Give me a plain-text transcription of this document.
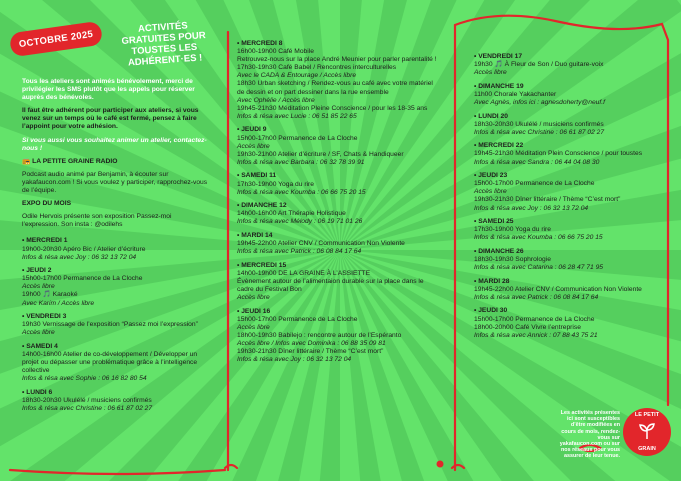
OCTOBRE 2025
ACTIVITÉS GRATUITES POUR TOUSTES LES ADHÉRENT·ES !
Tous les ateliers sont animés bénévolement, merci de privilégier les SMS plutôt que les appels pour réserver auprès des bénévoles.
Il faut être adhérent pour participer aux ateliers, si vous venez sur un temps où le café est fermé, pensez à faire l’appoint pour votre adhésion.
Si vous aussi vous souhaitez animer un atelier, contactez-nous !
📻 LA PETITE GRAINE RADIO
Podcast audio animé par Benjamin, à écouter sur yakafaucon.com ! Si vous voulez y participer, rapprochez-vous de l’équipe.
EXPO DU MOIS
Odile Hervois présente son exposition Passez-moi l’expression. Son insta : @odilehs
• MERCREDI 1
19h00-20h30 Apéro Bic / Atelier d’écriture
Infos & résa avec Joy : 06 32 13 72 04
• JEUDI 2
15h00-17h00 Permanence de La Cloche
Accès libre
19h00 🎵 Karaoké
Avec Karim / Accès libre
• VENDREDI 3
19h30 Vernissage de l’exposition “Passez moi l’expression”
Accès libre
• SAMEDI 4
14h00-16h00 Atelier de co-développement / Développer un projet ou dépasser une problématique grâce à l’intelligence collective
Infos & résa avec Sophie : 06 16 82 80 54
• LUNDI 6
18h30-20h30 Ukulélé / musiciens confirmés
Infos & résa avec Christine : 06 61 87 02 27
• MERCREDI 8
16h00-19h00 Café Mobile
Retrouvez-nous sur la place André Meunier pour parler parentalité !
17h30-19h30 Café Babel / Rencontres interculturelles
Avec le CADA & Entourage / Accès libre
18h30 Urban sketching / Rendez-vous au café avec votre matériel de dessin et on part dessiner dans la rue ensemble
Avec Ophélie / Accès libre
19h45-21h30 Méditation Pleine Conscience / pour les 18-35 ans
Infos & résa avec Lucie : 06 51 85 22 65
• JEUDI 9
15h00-17h00 Permanence de La Cloche
Accès libre
19h30-21h00 Atelier d’écriture / SF, Chats & Handiqueer
Infos & résa avec Barbara : 06 32 78 39 91
• SAMEDI 11
17h30-19h00 Yoga du rire
Infos & résa avec Koumba : 06 66 75 20 15
• DIMANCHE 12
14h00-16h00 Art Thérapie Holistique
Infos & résa avec Mélody : 06 19 71 01 26
• MARDI 14
19h45-22h00 Atelier CNV / Communication Non Violente
Infos & résa avec Patrick : 06 08 84 17 64
• MERCREDI 15
14h00-19h00 DE LA GRAINE À L’ASSIETTE
Évènement autour de l’alimentaion durable sur la place dans le cadre du Festival Bon
Accès libre
• JEUDI 16
15h00-17h00 Permanence de La Cloche
Accès libre
18h00-19h30 Babilejo : rencontre autour de l’Espéranto
Accès libre / Infos avec Dominika : 06 88 35 09 81
19h30-21h30 Dîner littéraire / Thème “C’est mort”
Infos & résa avec Joy : 06 32 13 72 04
• VENDREDI 17
19h30 🎵 À Fleur de Son / Duo guitare-voix
Accès libre
• DIMANCHE 19
11h00 Chorale Yakachanter
Avec Agnès, infos ici : agnesdoherty@neuf.f
• LUNDI 20
18h30-20h30 Ukulélé / musiciens confirmés
Infos & résa avec Christine : 06 61 87 02 27
• MERCREDI 22
19h45-21h30 Méditation Plein Conscience / pour toustes
Infos & résa avec Sandra : 06 44 04 08 30
• JEUDI 23
15h00-17h00 Permanence de La Cloche
Accès libre
19h30-21h30 Dîner littéraire / Thème “C’est mort”
Infos & résa avec Joy : 06 32 13 72 04
• SAMEDI 25
17h30-19h00 Yoga du rire
Infos & résa avec Koumba : 06 66 75 20 15
• DIMANCHE 26
18h30-19h30 Sophrologie
Infos & résa avec Catarina : 06 28 47 71 95
• MARDI 28
19h45-22h00 Atelier CNV / Communication Non Violente
Infos & résa avec Patrick : 06 08 84 17 64
• JEUDI 30
15h00-17h00 Permanence de La Cloche
18h00-20h00 Café Vivre l’entreprise
Infos & résa avec Annick : 07 88 43 75 21
Les activités présentes ici sont susceptibles d’être modifiées en cours de mois, rendez-vous sur yakafaucon.com ou sur nos réseaux pour vous assurer de leur tenue.
LE PETIT
GRAIN
